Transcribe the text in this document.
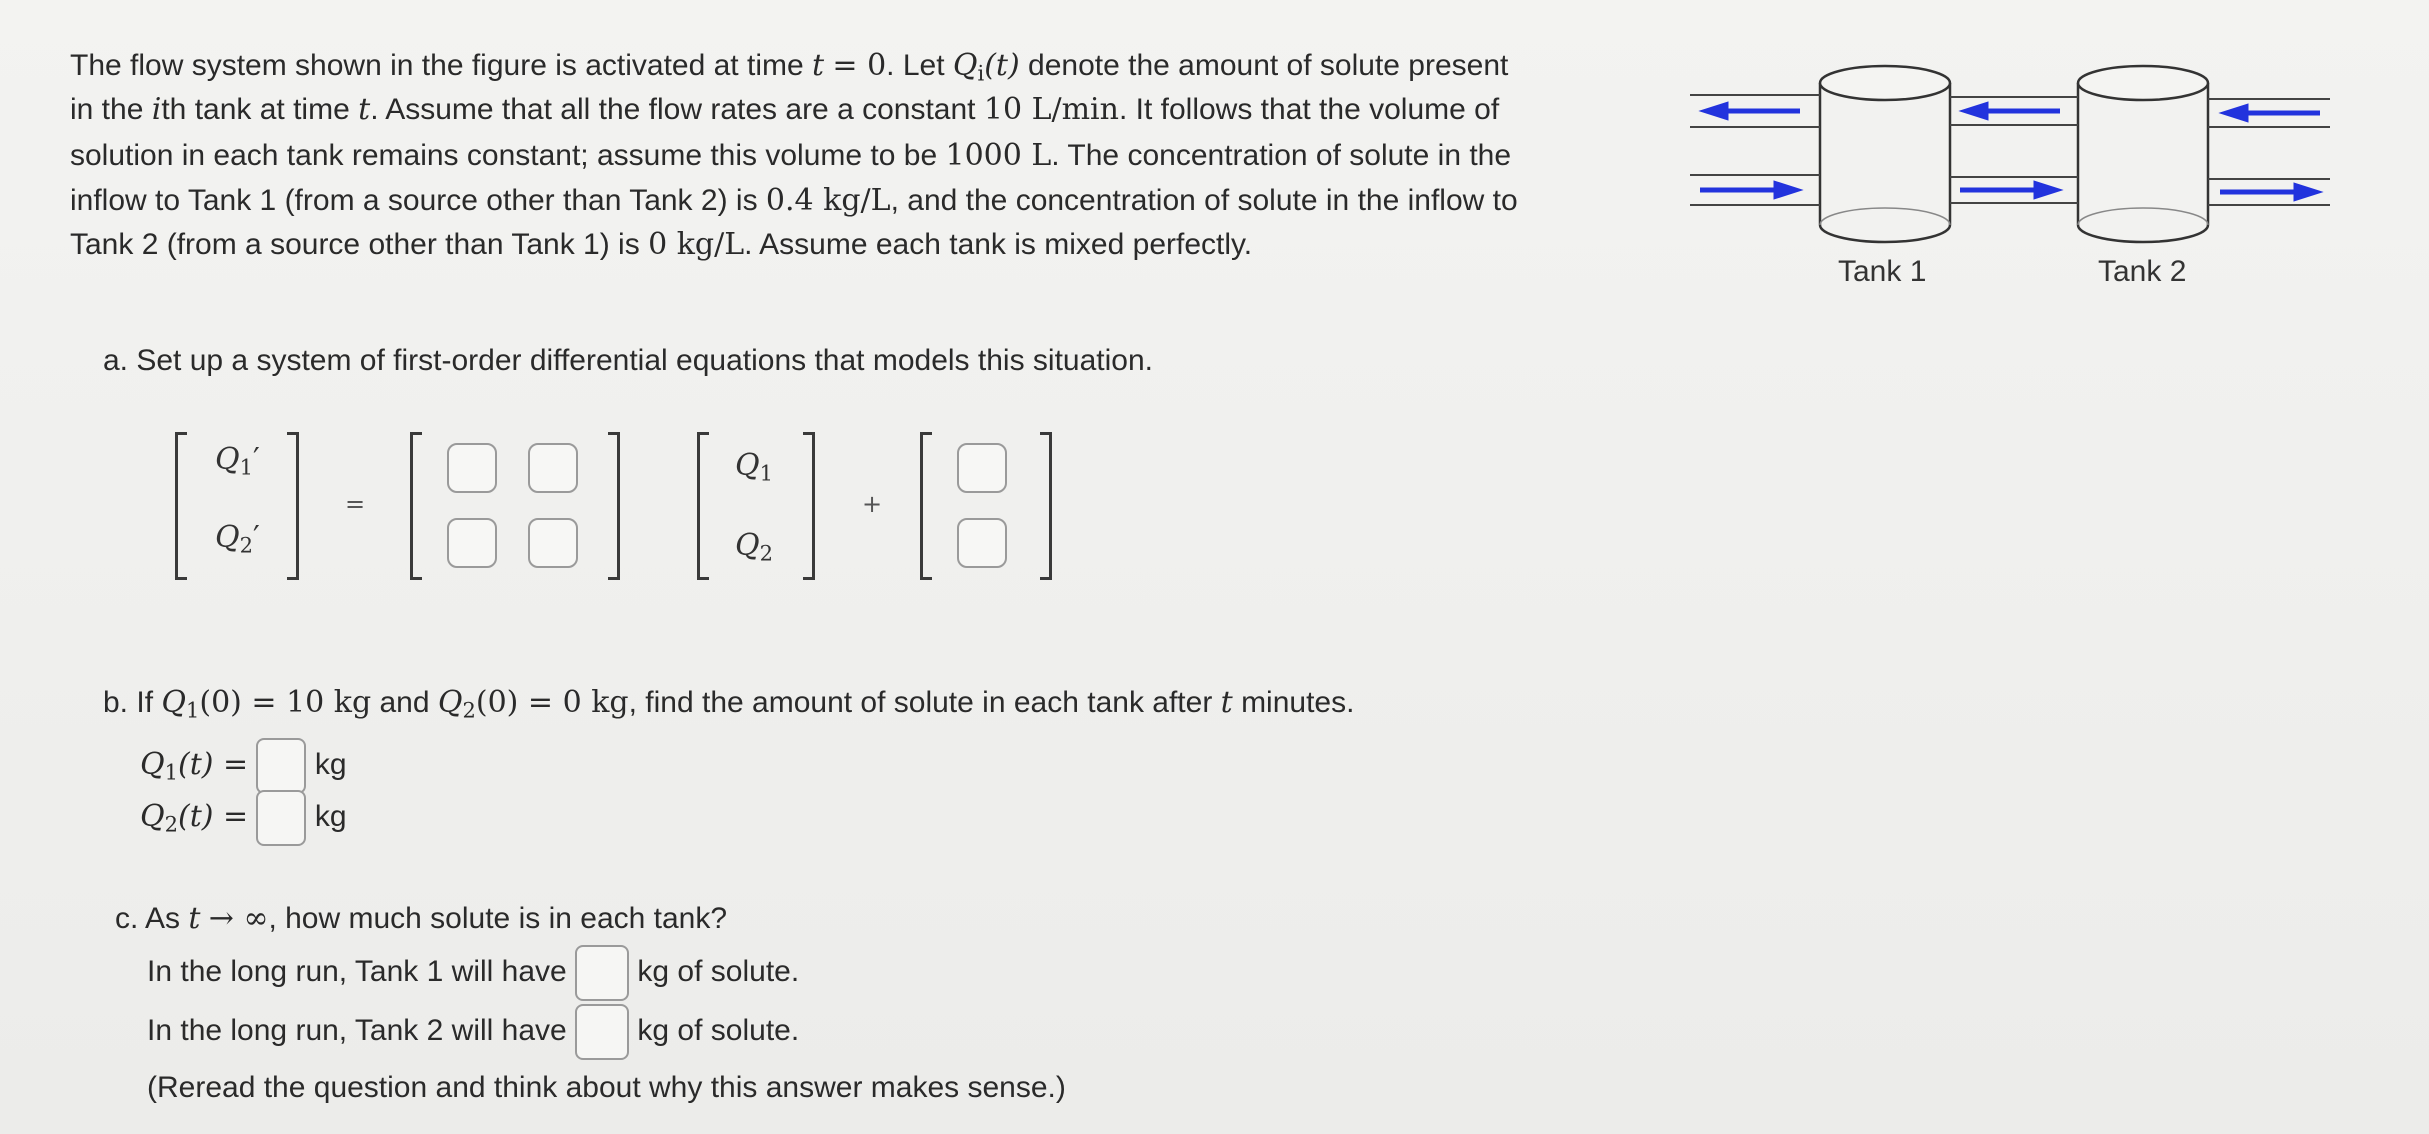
The flow system shown in the figure is activated at time t = 0. Let $Q_i(t)$ denote the amount of solute present
in the ith tank at time t. Assume that all the flow rates are a constant 10 L/min. It follows that the volume of
solution in each tank remains constant; assume this volume to be 1000 L. The concentration of solute in the
inflow to Tank 1 (from a source other than Tank 2) is 0.4 kg/L, and the concentration of solute in the inflow to
Tank 2 (from a source other than Tank 1) is 0 kg/L. Assume each tank is mixed perfectly.
Tank 1	Tank 2
a. Set up a system of first-order differential equations that models this situation.
$Q_1'$
$Q_2'$
=
$Q_1$
$Q_2$
+
b. If $Q_1(0) = 10$ kg and $Q_2(0) = 0$ kg, find the amount of solute in each tank after t minutes.
$Q_1(t)$ = kg
$Q_2(t)$ = kg
c. As t → ∞, how much solute is in each tank?
In the long run, Tank 1 will have kg of solute.
In the long run, Tank 2 will have kg of solute.
(Reread the question and think about why this answer makes sense.)
